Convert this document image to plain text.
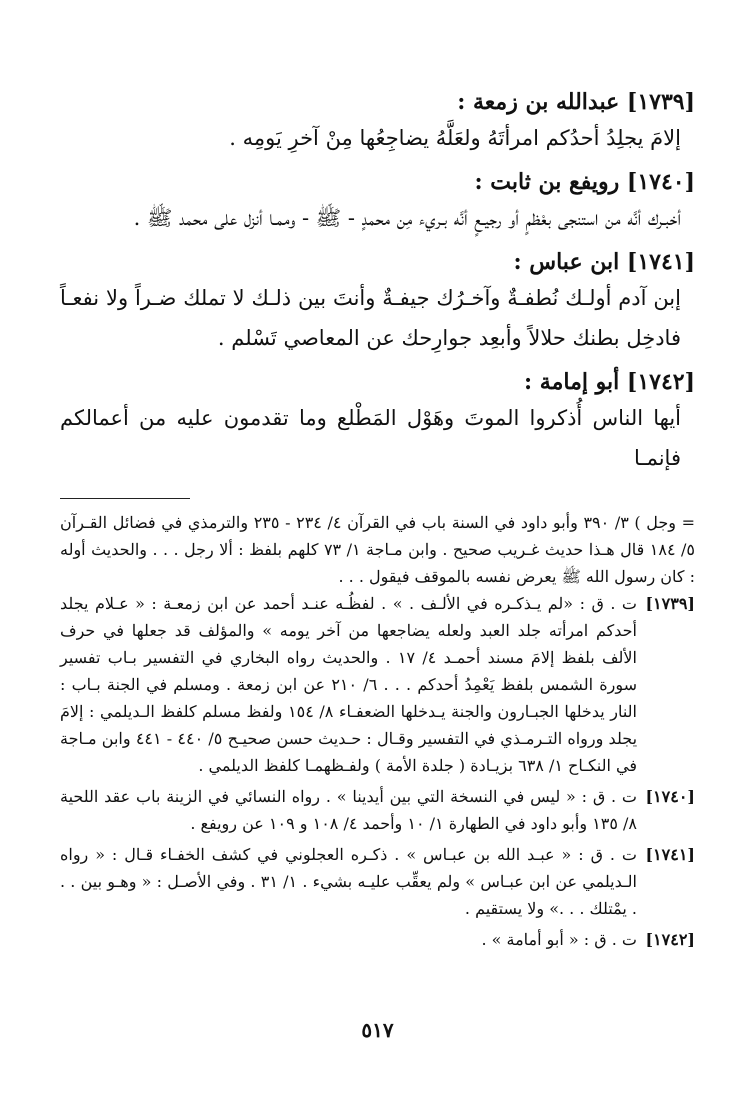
[١٧٣٩] عبدالله بن زمعة :
إلامَ يجلِدُ أحدُكم امرأتَهُ ولعَلَّهُ يضاجِعُها مِنْ آخرِ يَومِه .
[١٧٤٠] رويفع بن ثابت :
أخبـرك أنَّه من استنجى بعْظمٍ أو رجيـعٍ أنَّه بـريء مِن محمدٍ - ﷺ - وممـا أنزل على محمد ﷺ .
[١٧٤١] ابن عباس :
إبن آدم أولـك نُطفـةٌ وآخـرُك جيفـةٌ وأنتَ بين ذلـك لا تملك ضـراً ولا نفعـاً فادخِل بطنك حلالاً وأبعِد جوارِحك عن المعاصي تَسْلم .
[١٧٤٢] أبو إمامة :
أيها الناس أُذكروا الموتَ وهَوْل المَطْلع وما تقدمون عليه من أعمالكم فإنمـا
= وجل ) ٣/ ٣٩٠ وأبو داود في السنة باب في القرآن ٤/ ٢٣٤ - ٢٣٥ والترمذي في فضائل القـرآن ٥/ ١٨٤ قال هـذا حديث غـريب صحيح . وابن مـاجة ١/ ٧٣ كلهم بلفظ : ألا رجل . . . والحديث أوله : كان رسول الله ﷺ يعرض نفسه بالموقف فيقول . . .
[١٧٣٩]
ت . ق : «لم يـذكـره في الألـف . » . لفظُـه عنـد أحمد عن ابن زمعـة : « عـلام يجلد أحدكم امرأته جلد العبد ولعله يضاجعها من آخر يومه » والمؤلف قد جعلها في حرف الألف بلفظ إلامَ مسند أحمـد ٤/ ١٧ . والحديث رواه البخاري في التفسير بـاب تفسير سورة الشمس بلفظ يَعْمِدُ أحدكم . . . ٦/ ٢١٠ عن ابن زمعة . ومسلم في الجنة بـاب : النار يدخلها الجبـارون والجنة يـدخلها الضعفـاء ٨/ ١٥٤ ولفظ مسلم كلفظ الـديلمي : إلامَ يجلد ورواه التـرمـذي في التفسير وقـال : حـديث حسن صحيـح ٥/ ٤٤٠ - ٤٤١ وابن مـاجة في النكـاح ١/ ٦٣٨ بزيـادة ( جلدة الأمة ) ولفـظهمـا كلفظ الديلمي .
[١٧٤٠]
ت . ق : « ليس في النسخة التي بين أيدينا » . رواه النسائي في الزينة باب عقد اللحية ٨/ ١٣٥ وأبو داود في الطهارة ١/ ١٠ وأحمد ٤/ ١٠٨ و ١٠٩ عن رويفع .
[١٧٤١]
ت . ق : « عبـد الله بن عبـاس » . ذكـره العجلوني في كشف الخفـاء قـال : « رواه الـديلمي عن ابن عبـاس » ولم يعقِّب عليـه بشيء . ١/ ٣١ . وفي الأصـل : « وهـو بين . . . يمْتلك . . .» ولا يستقيم .
[١٧٤٢]
ت . ق : « أبو أمامة » .
٥١٧
